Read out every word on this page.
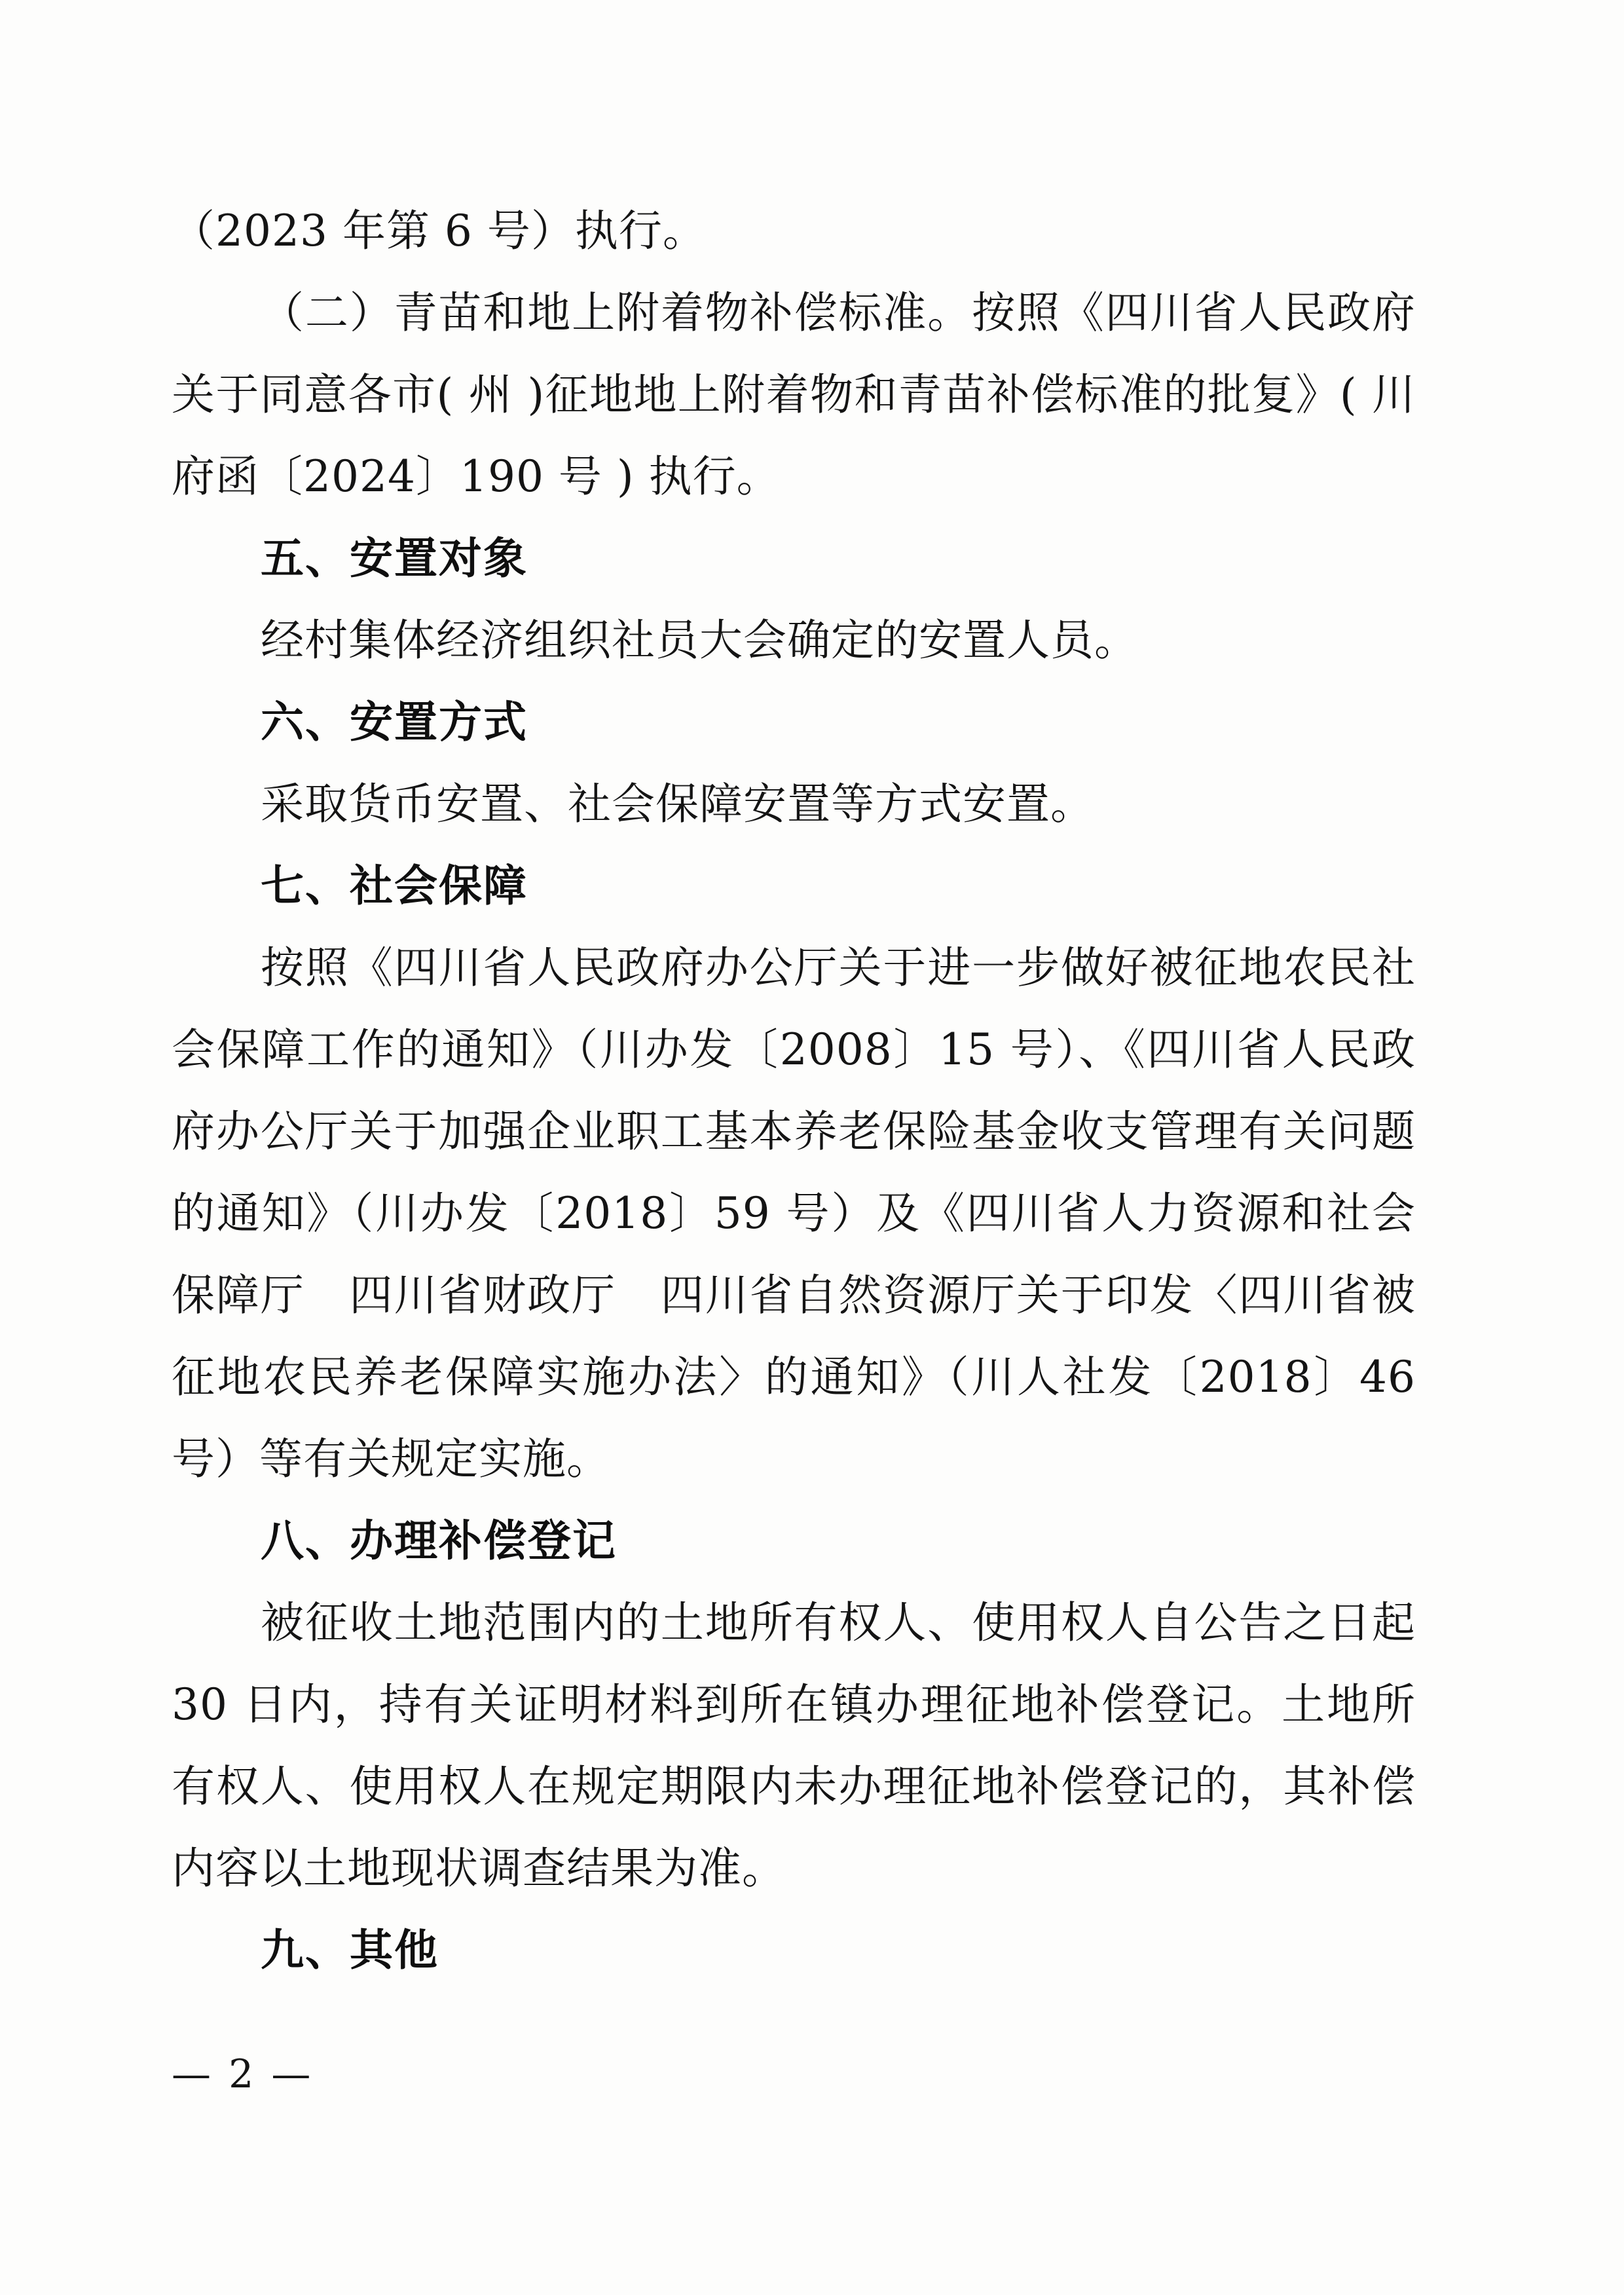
（2023 年第 6 号）执行。

（二）青苗和地上附着物补偿标准。按照《四川省人民政府关于同意各市( 州 )征地地上附着物和青苗补偿标准的批复》( 川府函〔2024〕190 号 ) 执行。

五、安置对象

经村集体经济组织社员大会确定的安置人员。

六、安置方式

采取货币安置、社会保障安置等方式安置。

七、社会保障

按照《四川省人民政府办公厅关于进一步做好被征地农民社会保障工作的通知》（川办发〔2008〕15 号）、《四川省人民政府办公厅关于加强企业职工基本养老保险基金收支管理有关问题的通知》（川办发〔2018〕59 号）及《四川省人力资源和社会保障厅　四川省财政厅　四川省自然资源厅关于印发〈四川省被征地农民养老保障实施办法〉的通知》（川人社发〔2018〕46 号）等有关规定实施。

八、办理补偿登记

被征收土地范围内的土地所有权人、使用权人自公告之日起 30 日内，持有关证明材料到所在镇办理征地补偿登记。土地所有权人、使用权人在规定期限内未办理征地补偿登记的，其补偿内容以土地现状调查结果为准。

九、其他
— 2 —
